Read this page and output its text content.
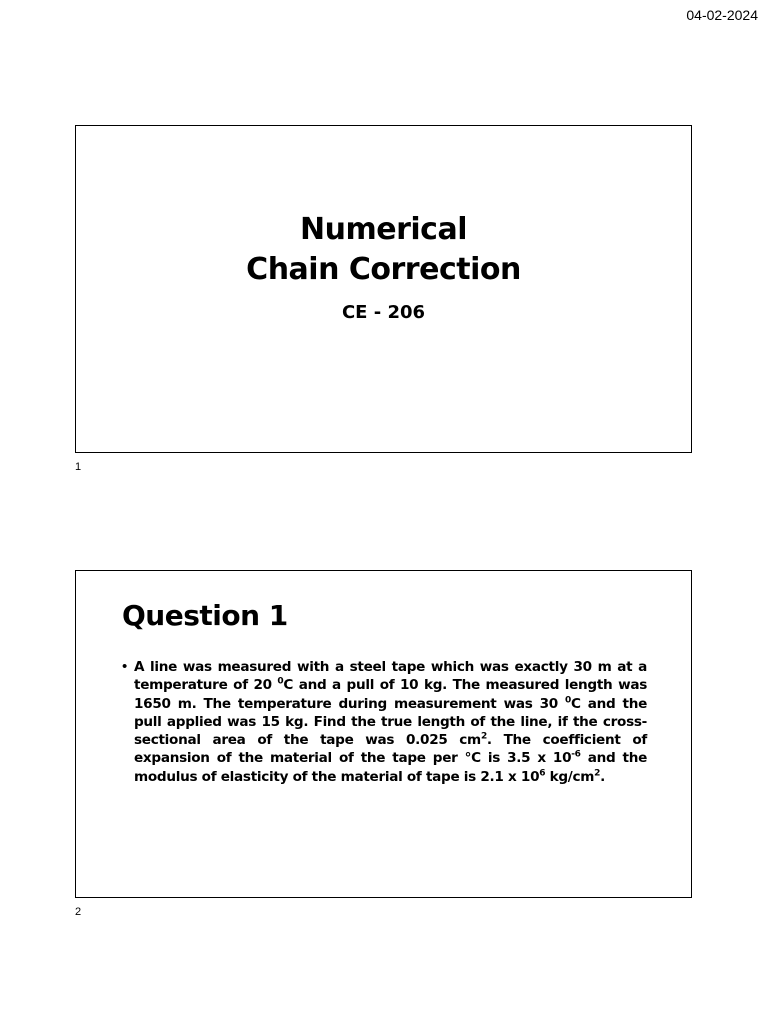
04-02-2024
Numerical
Chain Correction
CE - 206
1
Question 1
• A line was measured with a steel tape which was exactly 30 m at a temperature of 20 $^0$C and a pull of 10 kg. The measured length was 1650 m. The temperature during measurement was 30 $^0$C and the pull applied was 15 kg. Find the true length of the line, if the cross-sectional area of the tape was 0.025 $cm^2$. The coefficient of expansion of the material of the tape per °C is 3.5 x $10^{-6}$ and the modulus of elasticity of the material of tape is 2.1 x $10^6$ $kg/cm^2$.
2
